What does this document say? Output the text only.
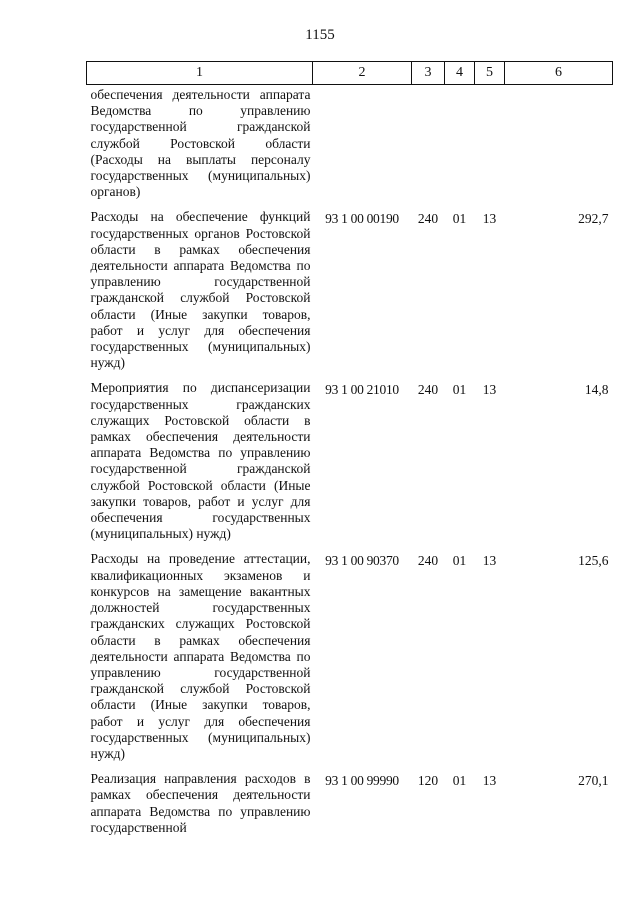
1155
1	2	3	4	5	6
обеспечения деятельности аппарата Ведомства по управлению государственной гражданской службой Ростовской области (Расходы на выплаты персоналу государственных (муниципальных) органов)					
Расходы на обеспечение функций государственных органов Ростовской области в рамках обеспечения деятельности аппарата Ведомства по управлению государственной гражданской службой Ростовской области (Иные закупки товаров, работ и услуг для обеспечения государственных (муниципальных) нужд)	93 1 00 00190	240	01	13	292,7
Мероприятия по диспансеризации государственных гражданских служащих Ростовской области в рамках обеспечения деятельности аппарата Ведомства по управлению государственной гражданской службой Ростовской области (Иные закупки товаров, работ и услуг для обеспечения государственных (муниципальных) нужд)	93 1 00 21010	240	01	13	14,8
Расходы на проведение аттестации, квалификационных экзаменов и конкурсов на замещение вакантных должностей государственных гражданских служащих Ростовской области в рамках обеспечения деятельности аппарата Ведомства по управлению государственной гражданской службой Ростовской области (Иные закупки товаров, работ и услуг для обеспечения государственных (муниципальных) нужд)	93 1 00 90370	240	01	13	125,6
Реализация направления расходов в рамках обеспечения деятельности аппарата Ведомства по управлению государственной	93 1 00 99990	120	01	13	270,1
